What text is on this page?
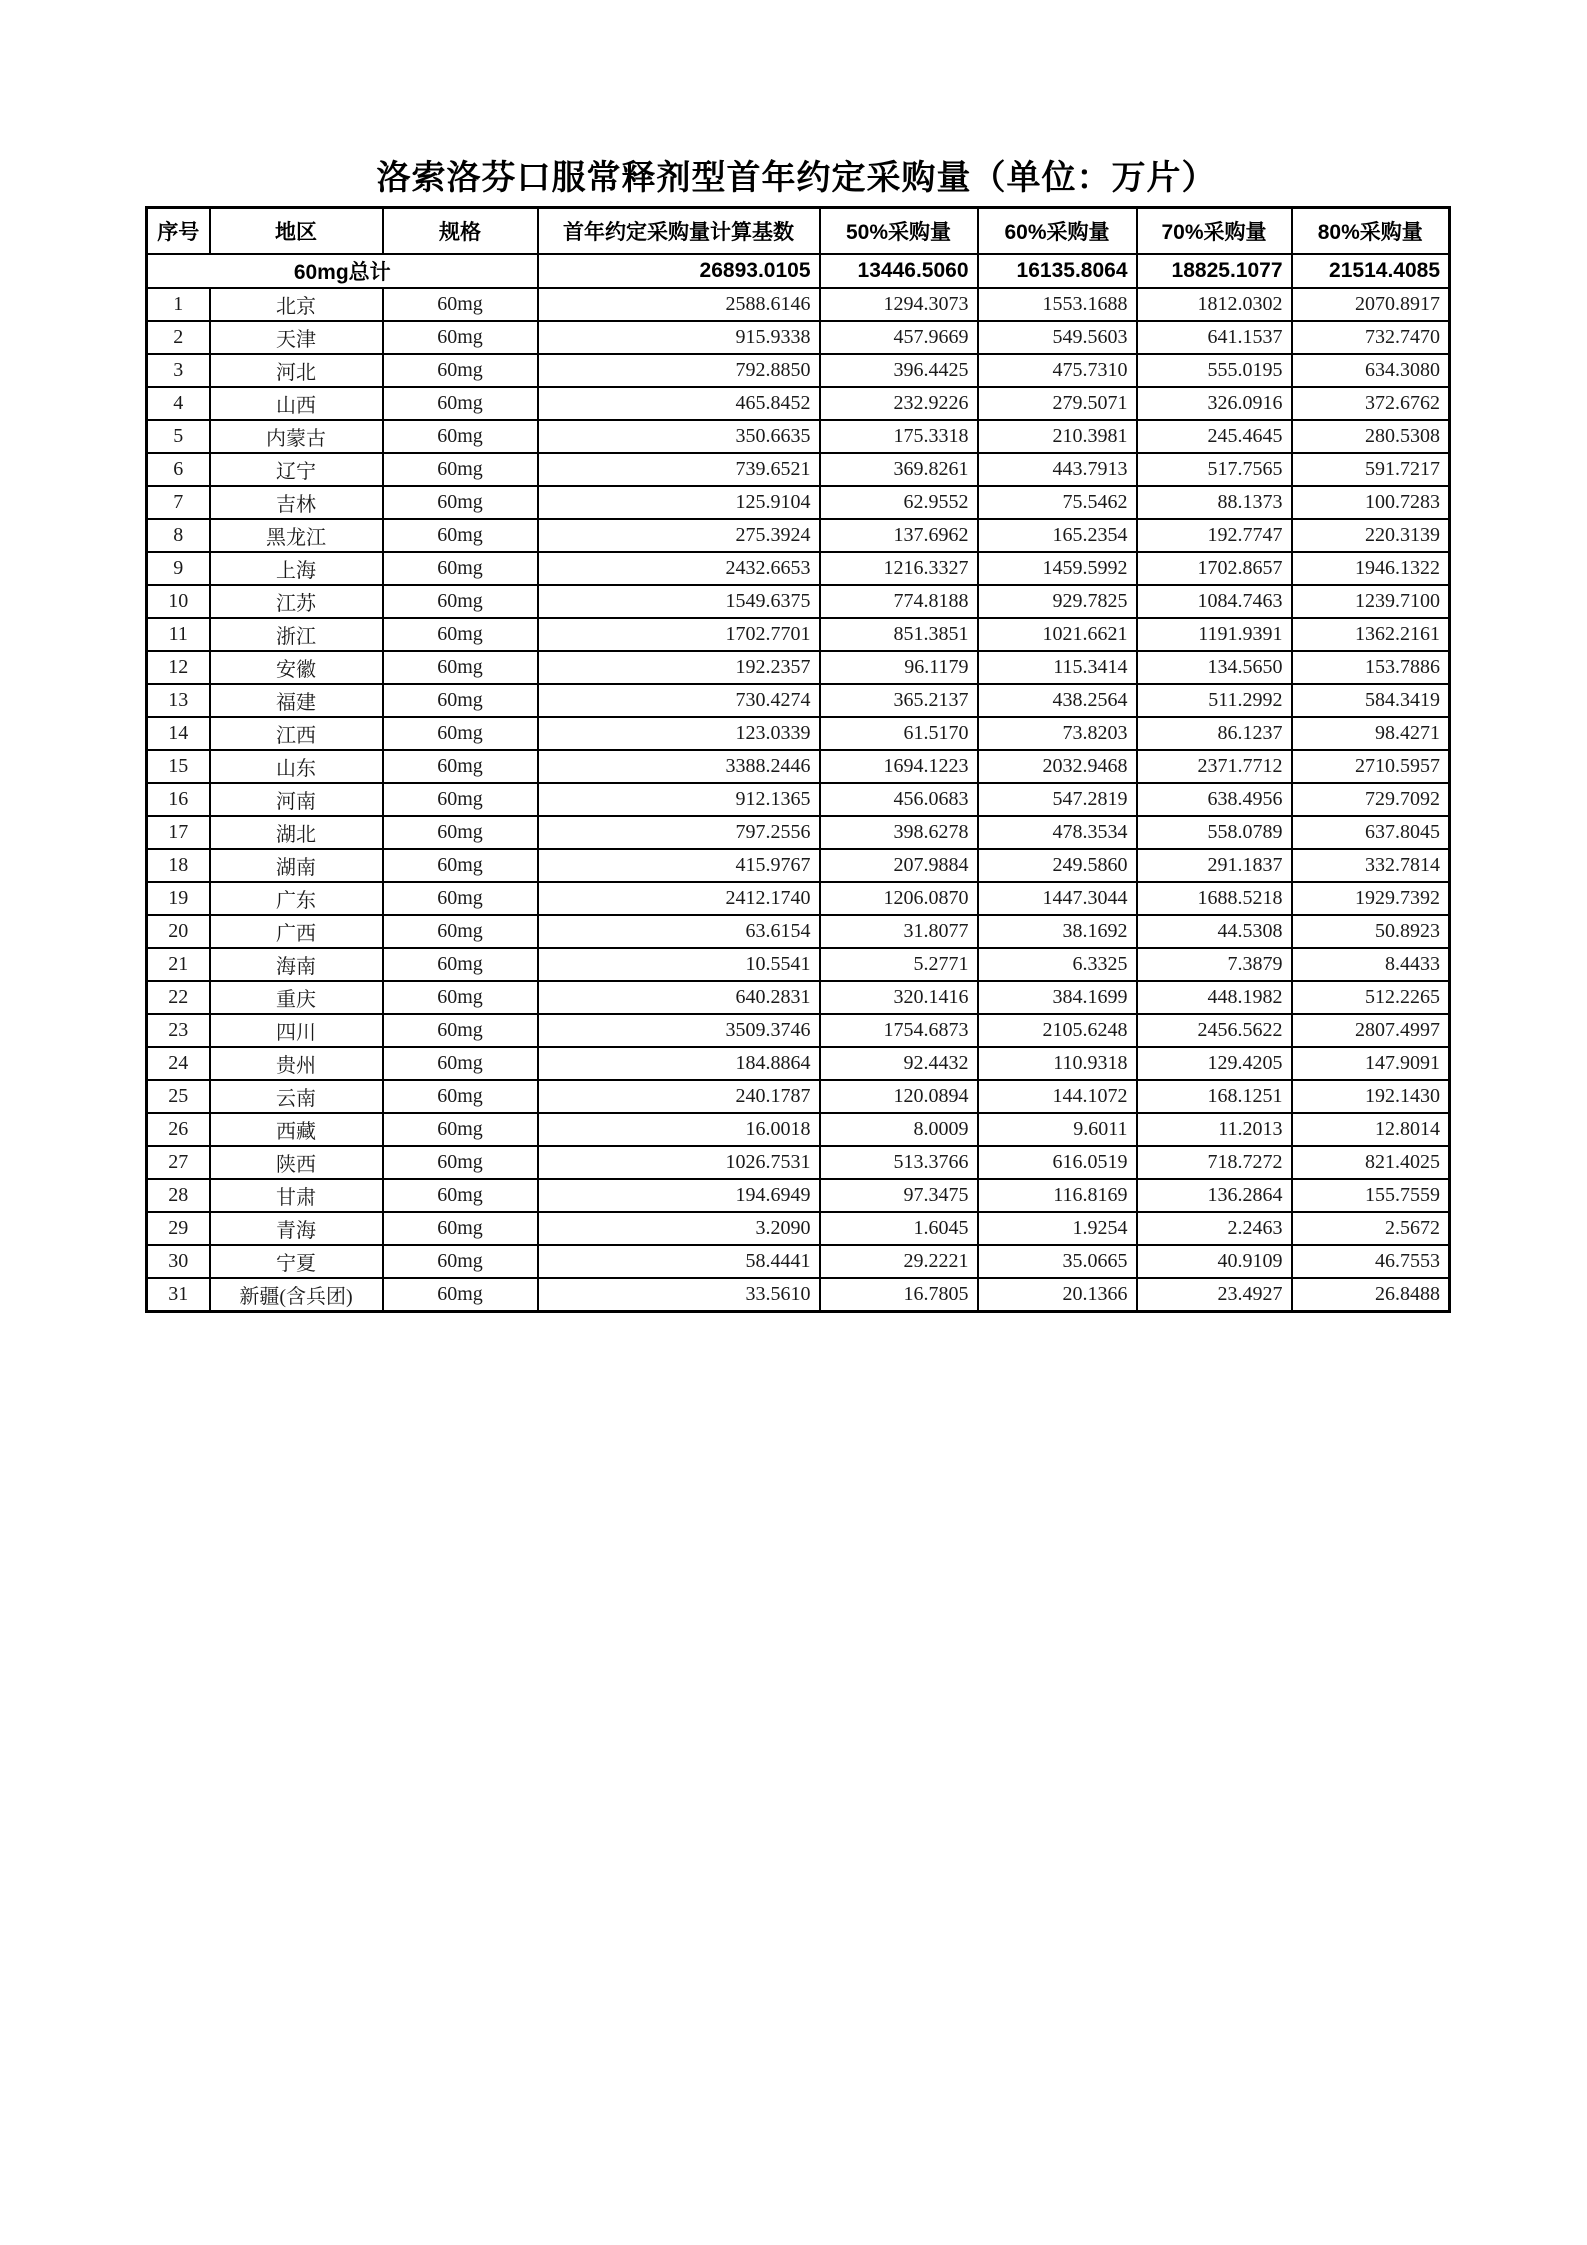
洛索洛芬口服常释剂型首年约定采购量（单位：万片）
序号	地区	规格	首年约定采购量计算基数	50%采购量	60%采购量	70%采购量	80%采购量
60mg总计			26893.0105	13446.5060	16135.8064	18825.1077	21514.4085
1	北京	60mg	2588.6146	1294.3073	1553.1688	1812.0302	2070.8917
2	天津	60mg	915.9338	457.9669	549.5603	641.1537	732.7470
3	河北	60mg	792.8850	396.4425	475.7310	555.0195	634.3080
4	山西	60mg	465.8452	232.9226	279.5071	326.0916	372.6762
5	内蒙古	60mg	350.6635	175.3318	210.3981	245.4645	280.5308
6	辽宁	60mg	739.6521	369.8261	443.7913	517.7565	591.7217
7	吉林	60mg	125.9104	62.9552	75.5462	88.1373	100.7283
8	黑龙江	60mg	275.3924	137.6962	165.2354	192.7747	220.3139
9	上海	60mg	2432.6653	1216.3327	1459.5992	1702.8657	1946.1322
10	江苏	60mg	1549.6375	774.8188	929.7825	1084.7463	1239.7100
11	浙江	60mg	1702.7701	851.3851	1021.6621	1191.9391	1362.2161
12	安徽	60mg	192.2357	96.1179	115.3414	134.5650	153.7886
13	福建	60mg	730.4274	365.2137	438.2564	511.2992	584.3419
14	江西	60mg	123.0339	61.5170	73.8203	86.1237	98.4271
15	山东	60mg	3388.2446	1694.1223	2032.9468	2371.7712	2710.5957
16	河南	60mg	912.1365	456.0683	547.2819	638.4956	729.7092
17	湖北	60mg	797.2556	398.6278	478.3534	558.0789	637.8045
18	湖南	60mg	415.9767	207.9884	249.5860	291.1837	332.7814
19	广东	60mg	2412.1740	1206.0870	1447.3044	1688.5218	1929.7392
20	广西	60mg	63.6154	31.8077	38.1692	44.5308	50.8923
21	海南	60mg	10.5541	5.2771	6.3325	7.3879	8.4433
22	重庆	60mg	640.2831	320.1416	384.1699	448.1982	512.2265
23	四川	60mg	3509.3746	1754.6873	2105.6248	2456.5622	2807.4997
24	贵州	60mg	184.8864	92.4432	110.9318	129.4205	147.9091
25	云南	60mg	240.1787	120.0894	144.1072	168.1251	192.1430
26	西藏	60mg	16.0018	8.0009	9.6011	11.2013	12.8014
27	陕西	60mg	1026.7531	513.3766	616.0519	718.7272	821.4025
28	甘肃	60mg	194.6949	97.3475	116.8169	136.2864	155.7559
29	青海	60mg	3.2090	1.6045	1.9254	2.2463	2.5672
30	宁夏	60mg	58.4441	29.2221	35.0665	40.9109	46.7553
31	新疆(含兵团)	60mg	33.5610	16.7805	20.1366	23.4927	26.8488
